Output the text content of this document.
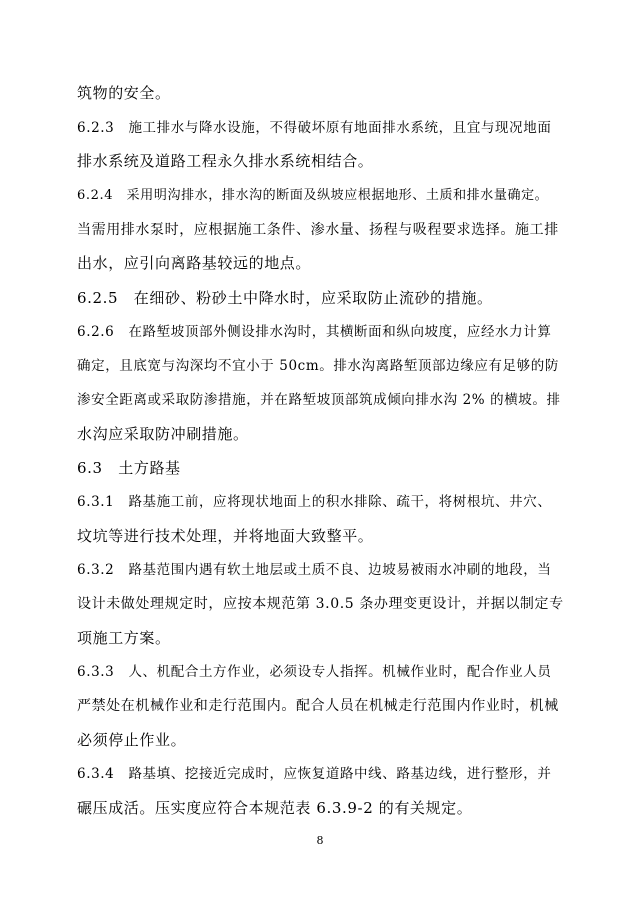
筑物的安全。
6.2.3　施工排水与降水设施，不得破坏原有地面排水系统，且宜与现况地面
排水系统及道路工程永久排水系统相结合。
6.2.4　采用明沟排水，排水沟的断面及纵坡应根据地形、土质和排水量确定。
当需用排水泵时，应根据施工条件、渗水量、扬程与吸程要求选择。施工排
出水，应引向离路基较远的地点。
6.2.5　在细砂、粉砂土中降水时，应采取防止流砂的措施。
6.2.6　在路堑坡顶部外侧设排水沟时，其横断面和纵向坡度，应经水力计算
确定，且底宽与沟深均不宜小于 50cm。排水沟离路堑顶部边缘应有足够的防
渗安全距离或采取防渗措施，并在路堑坡顶部筑成倾向排水沟 2% 的横坡。排
水沟应采取防冲刷措施。
6.3　土方路基
6.3.1　路基施工前，应将现状地面上的积水排除、疏干，将树根坑、井穴、
坟坑等进行技术处理，并将地面大致整平。
6.3.2　路基范围内遇有软土地层或土质不良、边坡易被雨水冲刷的地段，当
设计未做处理规定时，应按本规范第 3.0.5 条办理变更设计，并据以制定专
项施工方案。
6.3.3　人、机配合土方作业，必须设专人指挥。机械作业时，配合作业人员
严禁处在机械作业和走行范围内。配合人员在机械走行范围内作业时，机械
必须停止作业。
6.3.4　路基填、挖接近完成时，应恢复道路中线、路基边线，进行整形，并
碾压成活。压实度应符合本规范表 6.3.9-2 的有关规定。
8
